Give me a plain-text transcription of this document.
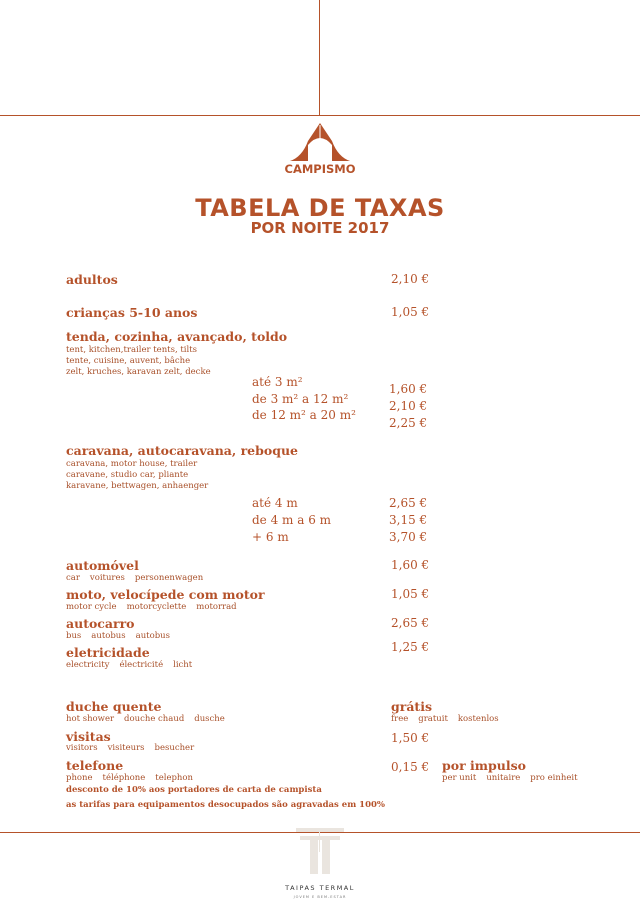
CAMPISMO
TABELA DE TAXAS
POR NOITE 2017
adultos	2,10 €
crianças 5-10 anos	1,05 €
tenda, cozinha, avançado, toldo
tent, kitchen,trailer tents, tilts
tente, cuisine, auvent, bâche
zelt, kruches, karavan zelt, decke
até 3 m²
de 3 m² a 12 m²
de 12 m² a 20 m²
1,60 €
2,10 €
2,25 €
caravana, autocaravana, reboque
caravana, motor house, trailer
caravane, studio car, pliante
karavane, bettwagen, anhaenger
até 4 m
de 4 m a 6 m
+ 6 m
2,65 €
3,15 €
3,70 €
automóvel
car voitures personenwagen
1,60 €
moto, velocípede com motor
motor cycle motorcyclette motorrad
1,05 €
autocarro
bus autobus autobus
2,65 €
eletricidade
electricity électricité licht
1,25 €
duche quente
hot shower douche chaud dusche
grátis
free gratuit kostenlos
visitas
visitors visiteurs besucher
1,50 €
telefone
phone téléphone telephon
0,15 € por impulso
per unit unitaire pro einheit
desconto de 10% aos portadores de carta de campista
as tarifas para equipamentos desocupados são agravadas em 100%
TAIPAS TERMAL
JOVEM E BEM-ESTAR
